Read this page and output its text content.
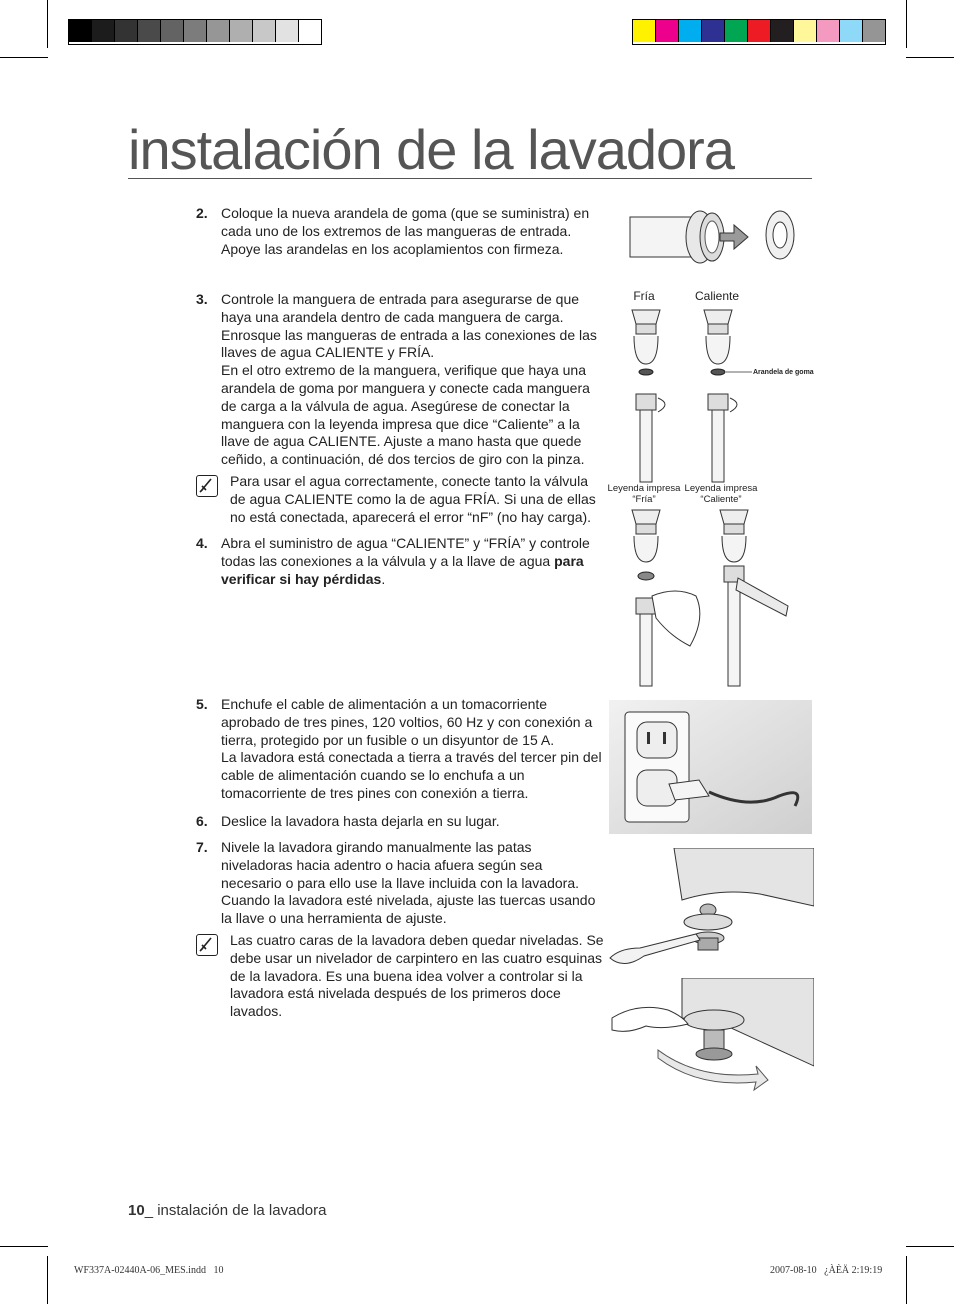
instalación de la lavadora
2. Coloque la nueva arandela de goma (que se suministra) en cada uno de los extremos de las mangueras de entrada. Apoye las arandelas en los acoplamientos con firmeza.
3. Controle la manguera de entrada para asegurarse de que haya una arandela dentro de cada manguera de carga. Enrosque las mangueras de entrada a las conexiones de las llaves de agua CALIENTE y FRÍA.
En el otro extremo de la manguera, verifique que haya una arandela de goma por manguera y conecte cada manguera de carga a la válvula de agua. Asegúrese de conectar la manguera con la leyenda impresa que dice “Caliente” a la llave de agua CALIENTE. Ajuste a mano hasta que quede ceñido, a continuación, dé dos tercios de giro con la pinza.
Para usar el agua correctamente, conecte tanto la válvula de agua CALIENTE como la de agua FRÍA. Si una de ellas no está conectada, aparecerá el error “nF” (no hay carga).
4. Abra el suministro de agua “CALIENTE” y “FRÍA” y controle todas las conexiones a la válvula y a la llave de agua para verificar si hay pérdidas.
5. Enchufe el cable de alimentación a un tomacorriente aprobado de tres pines, 120 voltios, 60 Hz y con conexión a tierra, protegido por un fusible o un disyuntor de 15 A.
La lavadora está conectada a tierra a través del tercer pin del cable de alimentación cuando se lo enchufa a un tomacorriente de tres pines con conexión a tierra.
6. Deslice la lavadora hasta dejarla en su lugar.
7. Nivele la lavadora girando manualmente las patas niveladoras hacia adentro o hacia afuera según sea necesario o para ello use la llave incluida con la lavadora. Cuando la lavadora esté nivelada, ajuste las tuercas usando la llave o una herramienta de ajuste.
Las cuatro caras de la lavadora deben quedar niveladas. Se debe usar un nivelador de carpintero en las cuatro esquinas de la lavadora. Es una buena idea volver a controlar si la lavadora está nivelada después de los primeros doce lavados.
Fría	Caliente
Arandela de goma
Leyenda impresa
“Fría”
Leyenda impresa
“Caliente”
10_ instalación de la lavadora
WF337A-02440A-06_MES.indd   10	2007-08-10   ¿ÀÈÄ 2:19:19
